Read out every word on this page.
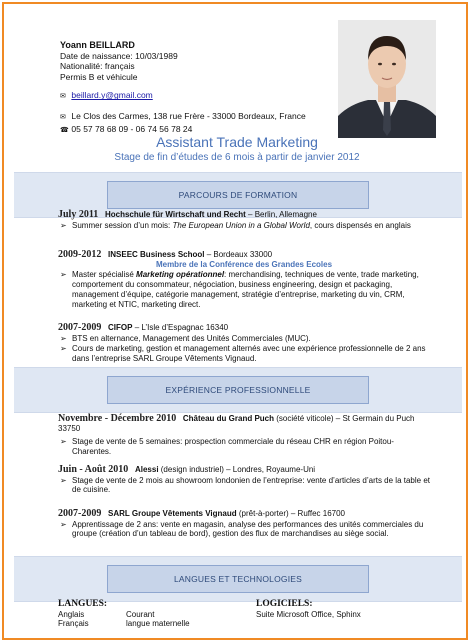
Yoann BEILLARD
Date de naissance: 10/03/1989
Nationalité: français
Permis B et véhicule
✉ beillard.y@gmail.com
✉ Le Clos des Carmes, 138 rue Frère - 33000 Bordeaux, France
☎ 05 57 78 68 09 - 06 74 56 78 24
Assistant Trade Marketing
Stage de fin d’études de 6 mois à partir de janvier 2012
PARCOURS DE FORMATION
July 2011 Hochschule für Wirtschaft und Recht – Berlin, Allemagne
➢ Summer session d’un mois: The European Union in a Global World, cours dispensés en anglais
2009-2012 INSEEC Business School – Bordeaux 33000
Membre de la Conférence des Grandes Ecoles
➢ Master spécialisé Marketing opérationnel: merchandising, techniques de vente, trade marketing, comportement du consommateur, négociation, business engineering, design et packaging, management d’équipe, catégorie management, stratégie d’entreprise, marketing du vin, CRM, marketing et NTIC, marketing direct.
2007-2009 CIFOP – L’Isle d’Espagnac 16340
➢ BTS en alternance, Management des Unités Commerciales (MUC).
➢ Cours de marketing, gestion et management alternés avec une expérience professionnelle de 2 ans dans l’entreprise SARL Groupe Vêtements Vignaud.
EXPÉRIENCE PROFESSIONNELLE
Novembre - Décembre 2010 Château du Grand Puch (société viticole) – St Germain du Puch 33750
➢ Stage de vente de 5 semaines: prospection commerciale du réseau CHR en région Poitou-Charentes.
Juin - Août 2010 Alessi (design industriel) – Londres, Royaume-Uni
➢ Stage de vente de 2 mois au showroom londonien de l’entreprise: vente d’articles d’arts de la table et de cuisine.
2007-2009 SARL Groupe Vêtements Vignaud (prêt-à-porter) – Ruffec 16700
➢ Apprentissage de 2 ans: vente en magasin, analyse des performances des unités commerciales du groupe (création d’un tableau de bord), gestion des flux de marchandises au siège social.
LANGUES ET TECHNOLOGIES
LANGUES:
Anglais	Courant
Français	langue maternelle
LOGICIELS:
Suite Microsoft Office, Sphinx
